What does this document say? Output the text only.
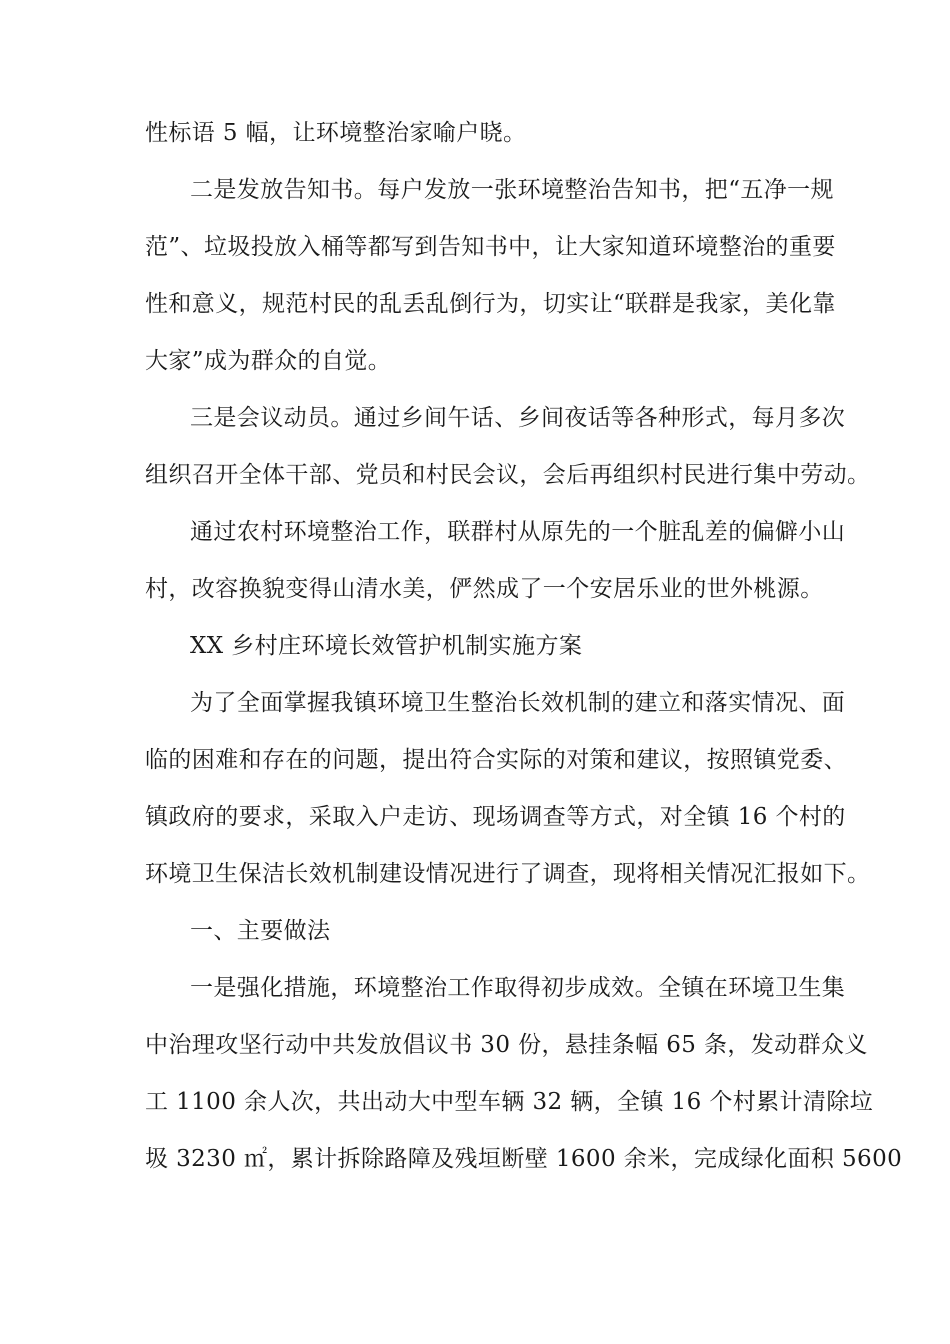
性标语 5 幅，让环境整治家喻户晓。
二是发放告知书。每户发放一张环境整治告知书，把“五净一规
范”、垃圾投放入桶等都写到告知书中，让大家知道环境整治的重要
性和意义，规范村民的乱丢乱倒行为，切实让“联群是我家，美化靠
大家”成为群众的自觉。
三是会议动员。通过乡间午话、乡间夜话等各种形式，每月多次
组织召开全体干部、党员和村民会议，会后再组织村民进行集中劳动。
通过农村环境整治工作，联群村从原先的一个脏乱差的偏僻小山
村，改容换貌变得山清水美，俨然成了一个安居乐业的世外桃源。
XX 乡村庄环境长效管护机制实施方案
为了全面掌握我镇环境卫生整治长效机制的建立和落实情况、面
临的困难和存在的问题，提出符合实际的对策和建议，按照镇党委、
镇政府的要求，采取入户走访、现场调查等方式，对全镇 16 个村的
环境卫生保洁长效机制建设情况进行了调查，现将相关情况汇报如下。
一、主要做法
一是强化措施，环境整治工作取得初步成效。全镇在环境卫生集
中治理攻坚行动中共发放倡议书 30 份，悬挂条幅 65 条，发动群众义
工 1100 余人次，共出动大中型车辆 32 辆，全镇 16 个村累计清除垃
圾 3230 ㎡，累计拆除路障及残垣断壁 1600 余米，完成绿化面积 5600
